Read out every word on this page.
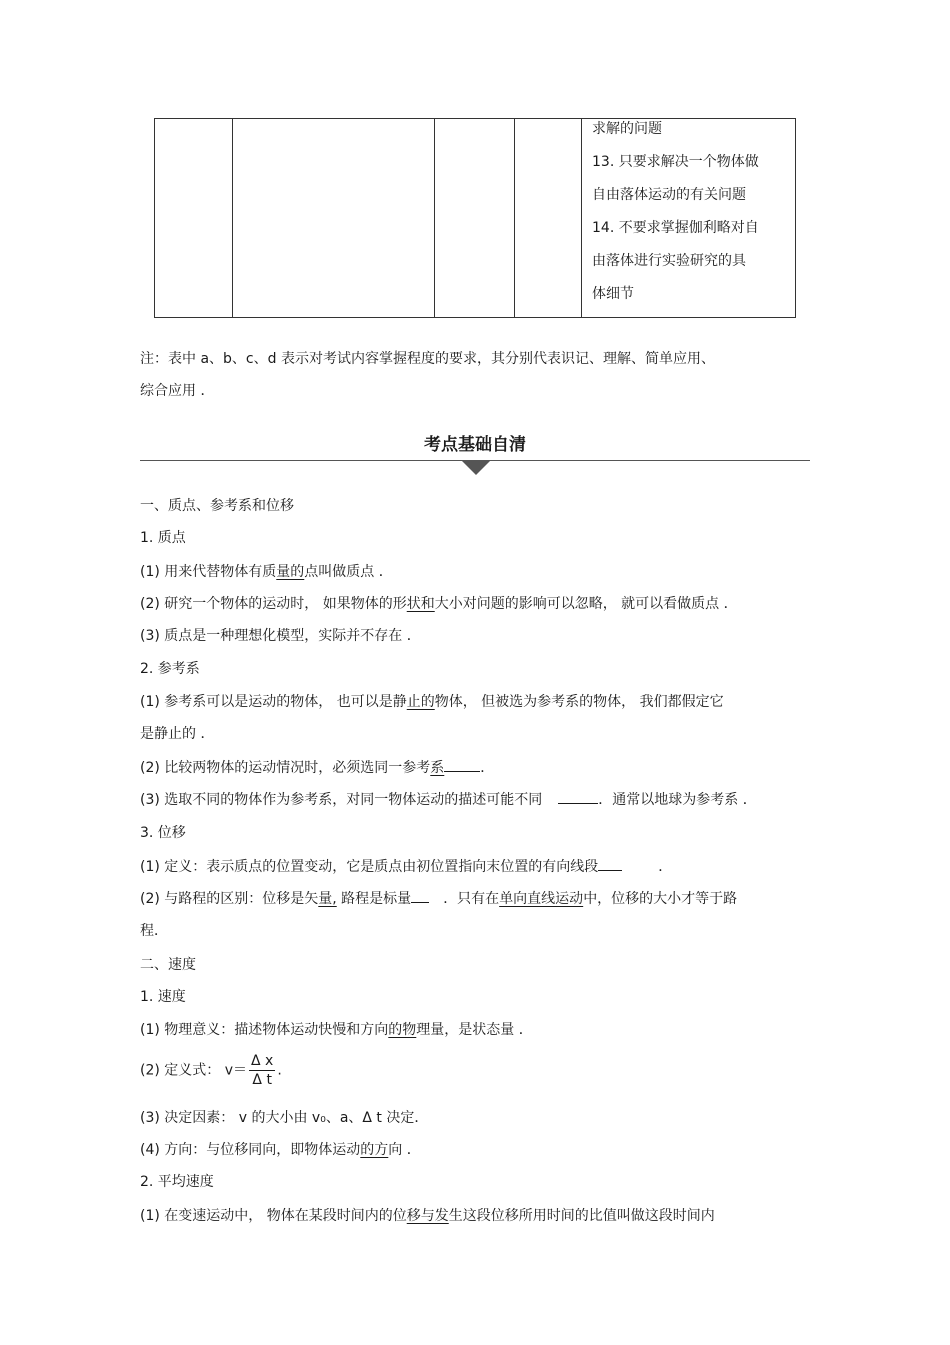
求解的问题
13. 只要求解决一个物体做
自由落体运动的有关问题
14. 不要求掌握伽利略对自
由落体进行实验研究的具
体细节
注：表中 a、b、c、d 表示对考试内容掌握程度的要求，其分别代表识记、理解、简单应用、
综合应用 ．
考点基础自清
一、质点、参考系和位移
1. 质点
(1) 用来代替物体有质量的点叫做质点 ．
(2) 研究一个物体的运动时， 如果物体的形状和大小对问题的影响可以忽略， 就可以看做质点 ．
(3) 质点是一种理想化模型，实际并不存在 ．
2. 参考系
(1) 参考系可以是运动的物体， 也可以是静止的物体， 但被选为参考系的物体， 我们都假定它
是静止的 ．
(2) 比较两物体的运动情况时，必须选同一参考系	．
(3) 选取不同的物体作为参考系，对同一物体运动的描述可能不同	．通常以地球为参考系 ．
3. 位移
(1) 定义：表示质点的位置变动，它是质点由初位置指向末位置的有向线段	．
(2) 与路程的区别：位移是矢量, 路程是标量 ．只有在单向直线运动中，位移的大小才等于路
程．
二、速度
1. 速度
(1) 物理意义：描述物体运动快慢和方向的物理量，是状态量 ．
(2) 定义式： $v= \frac{\text{Δ x}}{\text{Δ t}}$ .
(3) 决定因素： v 的大小由 v₀、a、Δ t 决定．
(4) 方向：与位移同向，即物体运动的方向 ．
2. 平均速度
(1) 在变速运动中， 物体在某段时间内的位移与发生这段位移所用时间的比值叫做这段时间内
